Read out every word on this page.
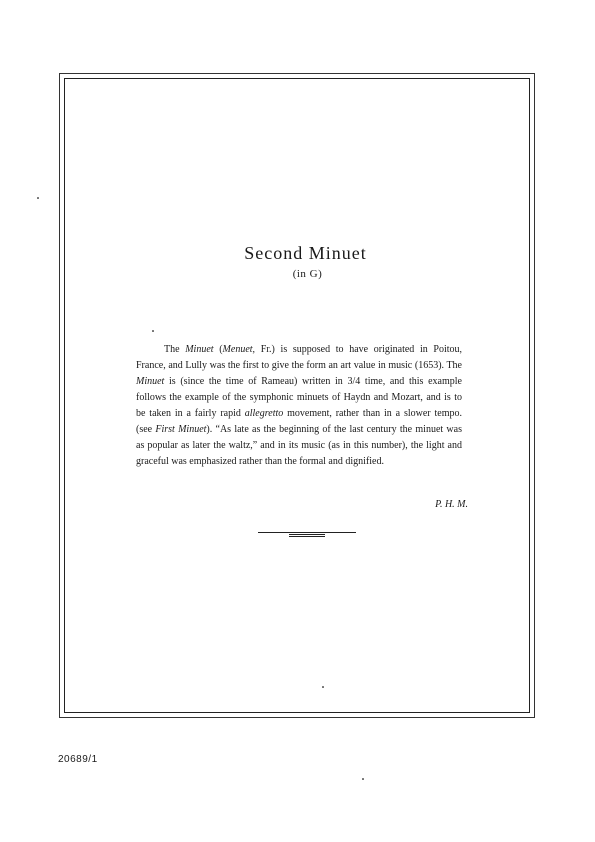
Second Minuet
(in G)

The Minuet (Menuet, Fr.) is supposed to have originated in Poitou, France, and Lully was the first to give the form an art value in music (1653). The Minuet is (since the time of Rameau) written in 3/4 time, and this example follows the example of the symphonic minuets of Haydn and Mozart, and is to be taken in a fairly rapid allegretto movement, rather than in a slower tempo. (see First Minuet). “As late as the beginning of the last century the minuet was as popular as later the waltz,” and in its music (as in this number), the light and graceful was emphasized rather than the formal and dignified.

P. H. M.
20689/1
